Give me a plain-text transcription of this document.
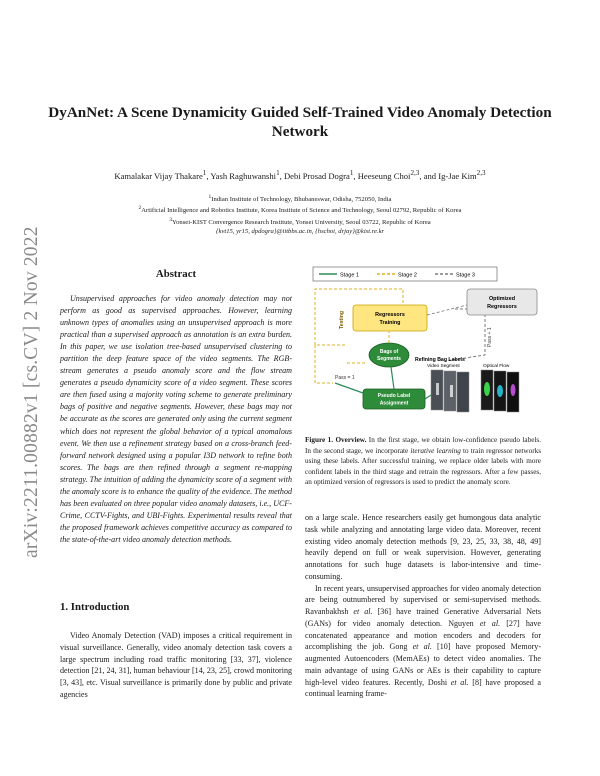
arXiv:2211.00882v1 [cs.CV] 2 Nov 2022
DyAnNet: A Scene Dynamicity Guided Self-Trained Video Anomaly Detection
Network
Kamalakar Vijay Thakare$^1$, Yash Raghuwanshi$^1$, Debi Prosad Dogra$^1$, Heeseung Choi$^{2,3}$, and Ig-Jae Kim$^{2,3}$
$^1$Indian Institute of Technology, Bhubaneswar, Odisha, 752050, India
$^2$Artificial Intelligence and Robotics Institute, Korea Institute of Science and Technology, Seoul 02792, Republic of Korea
$^3$Yonsei-KIST Convergence Research Institute, Yonsei University, Seoul 03722, Republic of Korea
{kvt15, yr15, dpdogra}@iitbbs.ac.in, {hschoi, drjay}@kist.re.kr
Abstract
Unsupervised approaches for video anomaly detection may not perform as good as supervised approaches. However, learning unknown types of anomalies using an unsupervised approach is more practical than a supervised approach as annotation is an extra burden. In this paper, we use isolation tree-based unsupervised clustering to partition the deep feature space of the video segments. The RGB- stream generates a pseudo anomaly score and the flow stream generates a pseudo dynamicity score of a video segment. These scores are then fused using a majority voting scheme to generate preliminary bags of positive and negative segments. However, these bags may not be accurate as the scores are generated only using the current segment which does not represent the global behavior of a typical anomalous event. We then use a refinement strategy based on a cross-branch feed-forward network designed using a popular I3D network to refine both scores. The bags are then refined through a segment re-mapping strategy. The intuition of adding the dynamicity score of a segment with the anomaly score is to enhance the quality of the evidence. The method has been evaluated on three popular video anomaly datasets, i.e., UCF-Crime, CCTV-Fights, and UBI-Fights. Experimental results reveal that the proposed framework achieves competitive accuracy as compared to the state-of-the-art video anomaly detection methods.
1. Introduction
Video Anomaly Detection (VAD) imposes a critical requirement in visual surveillance. Generally, video anomaly detection task covers a large spectrum including road traffic monitoring [33, 37], violence detection [21, 24, 31], human behaviour [14, 23, 25], crowd monitoring [3, 43], etc. Visual surveillance is primarily done by public and private agencies
Stage 1	Stage 2	Stage 3
Regressors
Training
Optimized
Regressors
Testing
Pass + 1
Bags of
Segments	Refining Bag Labels
Pseudo Label
Assignment
Pass = 1
Video Segment	Optical Flow
Figure 1. Overview. In the first stage, we obtain low-confidence pseudo labels. In the second stage, we incorporate iterative learning to train regressor networks using these labels. After successful training, we replace older labels with more confident labels in the third stage and retrain the regressors. After a few passes, an optimized version of regressors is used to predict the anomaly score.

on a large scale. Hence researchers easily get humongous data analytic task while analyzing and annotating large video data. Moreover, recent existing video anomaly detection methods [9, 23, 25, 33, 38, 48, 49] heavily depend on full or weak supervision. However, generating annotations for such huge datasets is labor-intensive and time-consuming.

In recent years, unsupervised approaches for video anomaly detection are being outnumbered by supervised or semi-supervised methods. Ravanbakhsh et al. [36] have trained Generative Adversarial Nets (GANs) for video anomaly detection. Nguyen et al. [27] have concatenated appearance and motion encoders and decoders for accomplishing the job. Gong et al. [10] have proposed Memory-augmented Autoencoders (MemAEs) to detect video anomalies. The main advantage of using GANs or AEs is their capability to capture high-level video features. Recently, Doshi et al. [8] have proposed a continual learning frame-
